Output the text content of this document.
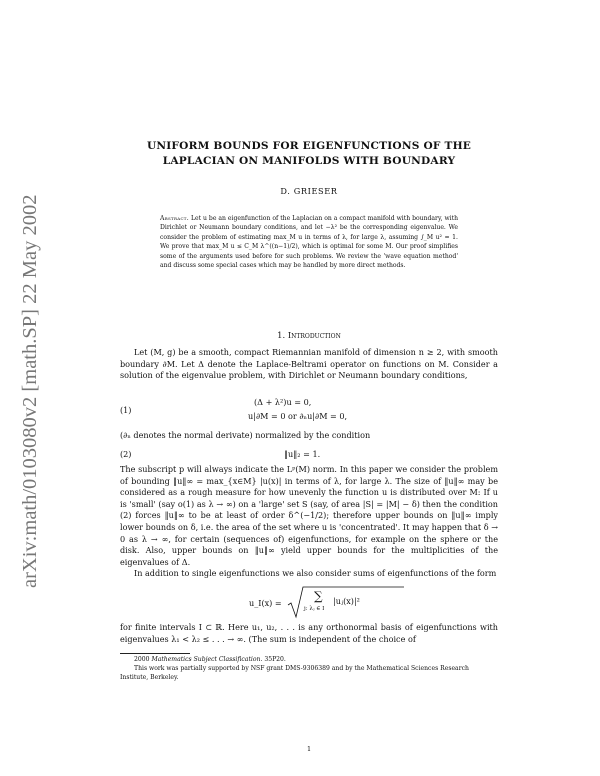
arXiv:math/0103080v2 [math.SP] 22 May 2002
UNIFORM BOUNDS FOR EIGENFUNCTIONS OF THE
LAPLACIAN ON MANIFOLDS WITH BOUNDARY
D. GRIESER
Abstract. Let u be an eigenfunction of the Laplacian on a compact manifold with boundary, with Dirichlet or Neumann boundary conditions, and let −λ² be the corresponding eigenvalue. We consider the problem of estimating max_M u in terms of λ, for large λ, assuming ∫_M u² = 1. We prove that max_M u ≤ C_M λ^((n−1)/2), which is optimal for some M. Our proof simplifies some of the arguments used before for such problems. We review the 'wave equation method' and discuss some special cases which may be handled by more direct methods.
1. Introduction
Let (M, g) be a smooth, compact Riemannian manifold of dimension n ≥ 2, with smooth boundary ∂M. Let Δ denote the Laplace-Beltrami operator on functions on M. Consider a solution of the eigenvalue problem, with Dirichlet or Neumann boundary conditions,
(1)
(Δ + λ²)u = 0,
u|∂M = 0 or ∂ₙu|∂M = 0,
(∂ₙ denotes the normal derivate) normalized by the condition
(2)	‖u‖₂ = 1.
The subscript p will always indicate the Lᵖ(M) norm. In this paper we consider the problem of bounding ‖u‖∞ = max_{x∈M} |u(x)| in terms of λ, for large λ. The size of ‖u‖∞ may be considered as a rough measure for how unevenly the function u is distributed over M: If u is 'small' (say o(1) as λ → ∞) on a 'large' set S (say, of area |S| = |M| − δ) then the condition (2) forces ‖u‖∞ to be at least of order δ^(−1/2); therefore upper bounds on ‖u‖∞ imply lower bounds on δ, i.e. the area of the set where u is 'concentrated'. It may happen that δ → 0 as λ → ∞, for certain (sequences of) eigenfunctions, for example on the sphere or the disk. Also, upper bounds on ‖u‖∞ yield upper bounds for the multiplicities of the eigenvalues of Δ.
In addition to single eigenfunctions we also consider sums of eigenfunctions of the form
u_I(x) =	∑
j: λⱼ ∈ I
|uⱼ(x)|²
for finite intervals I ⊂ ℝ. Here u₁, u₂, . . . is any orthonormal basis of eigenfunctions with eigenvalues λ₁ < λ₂ ≤ . . . → ∞. (The sum is independent of the choice of
2000 Mathematics Subject Classification. 35P20.
This work was partially supported by NSF grant DMS-9306389 and by the Mathematical Sciences Research Institute, Berkeley.
1
